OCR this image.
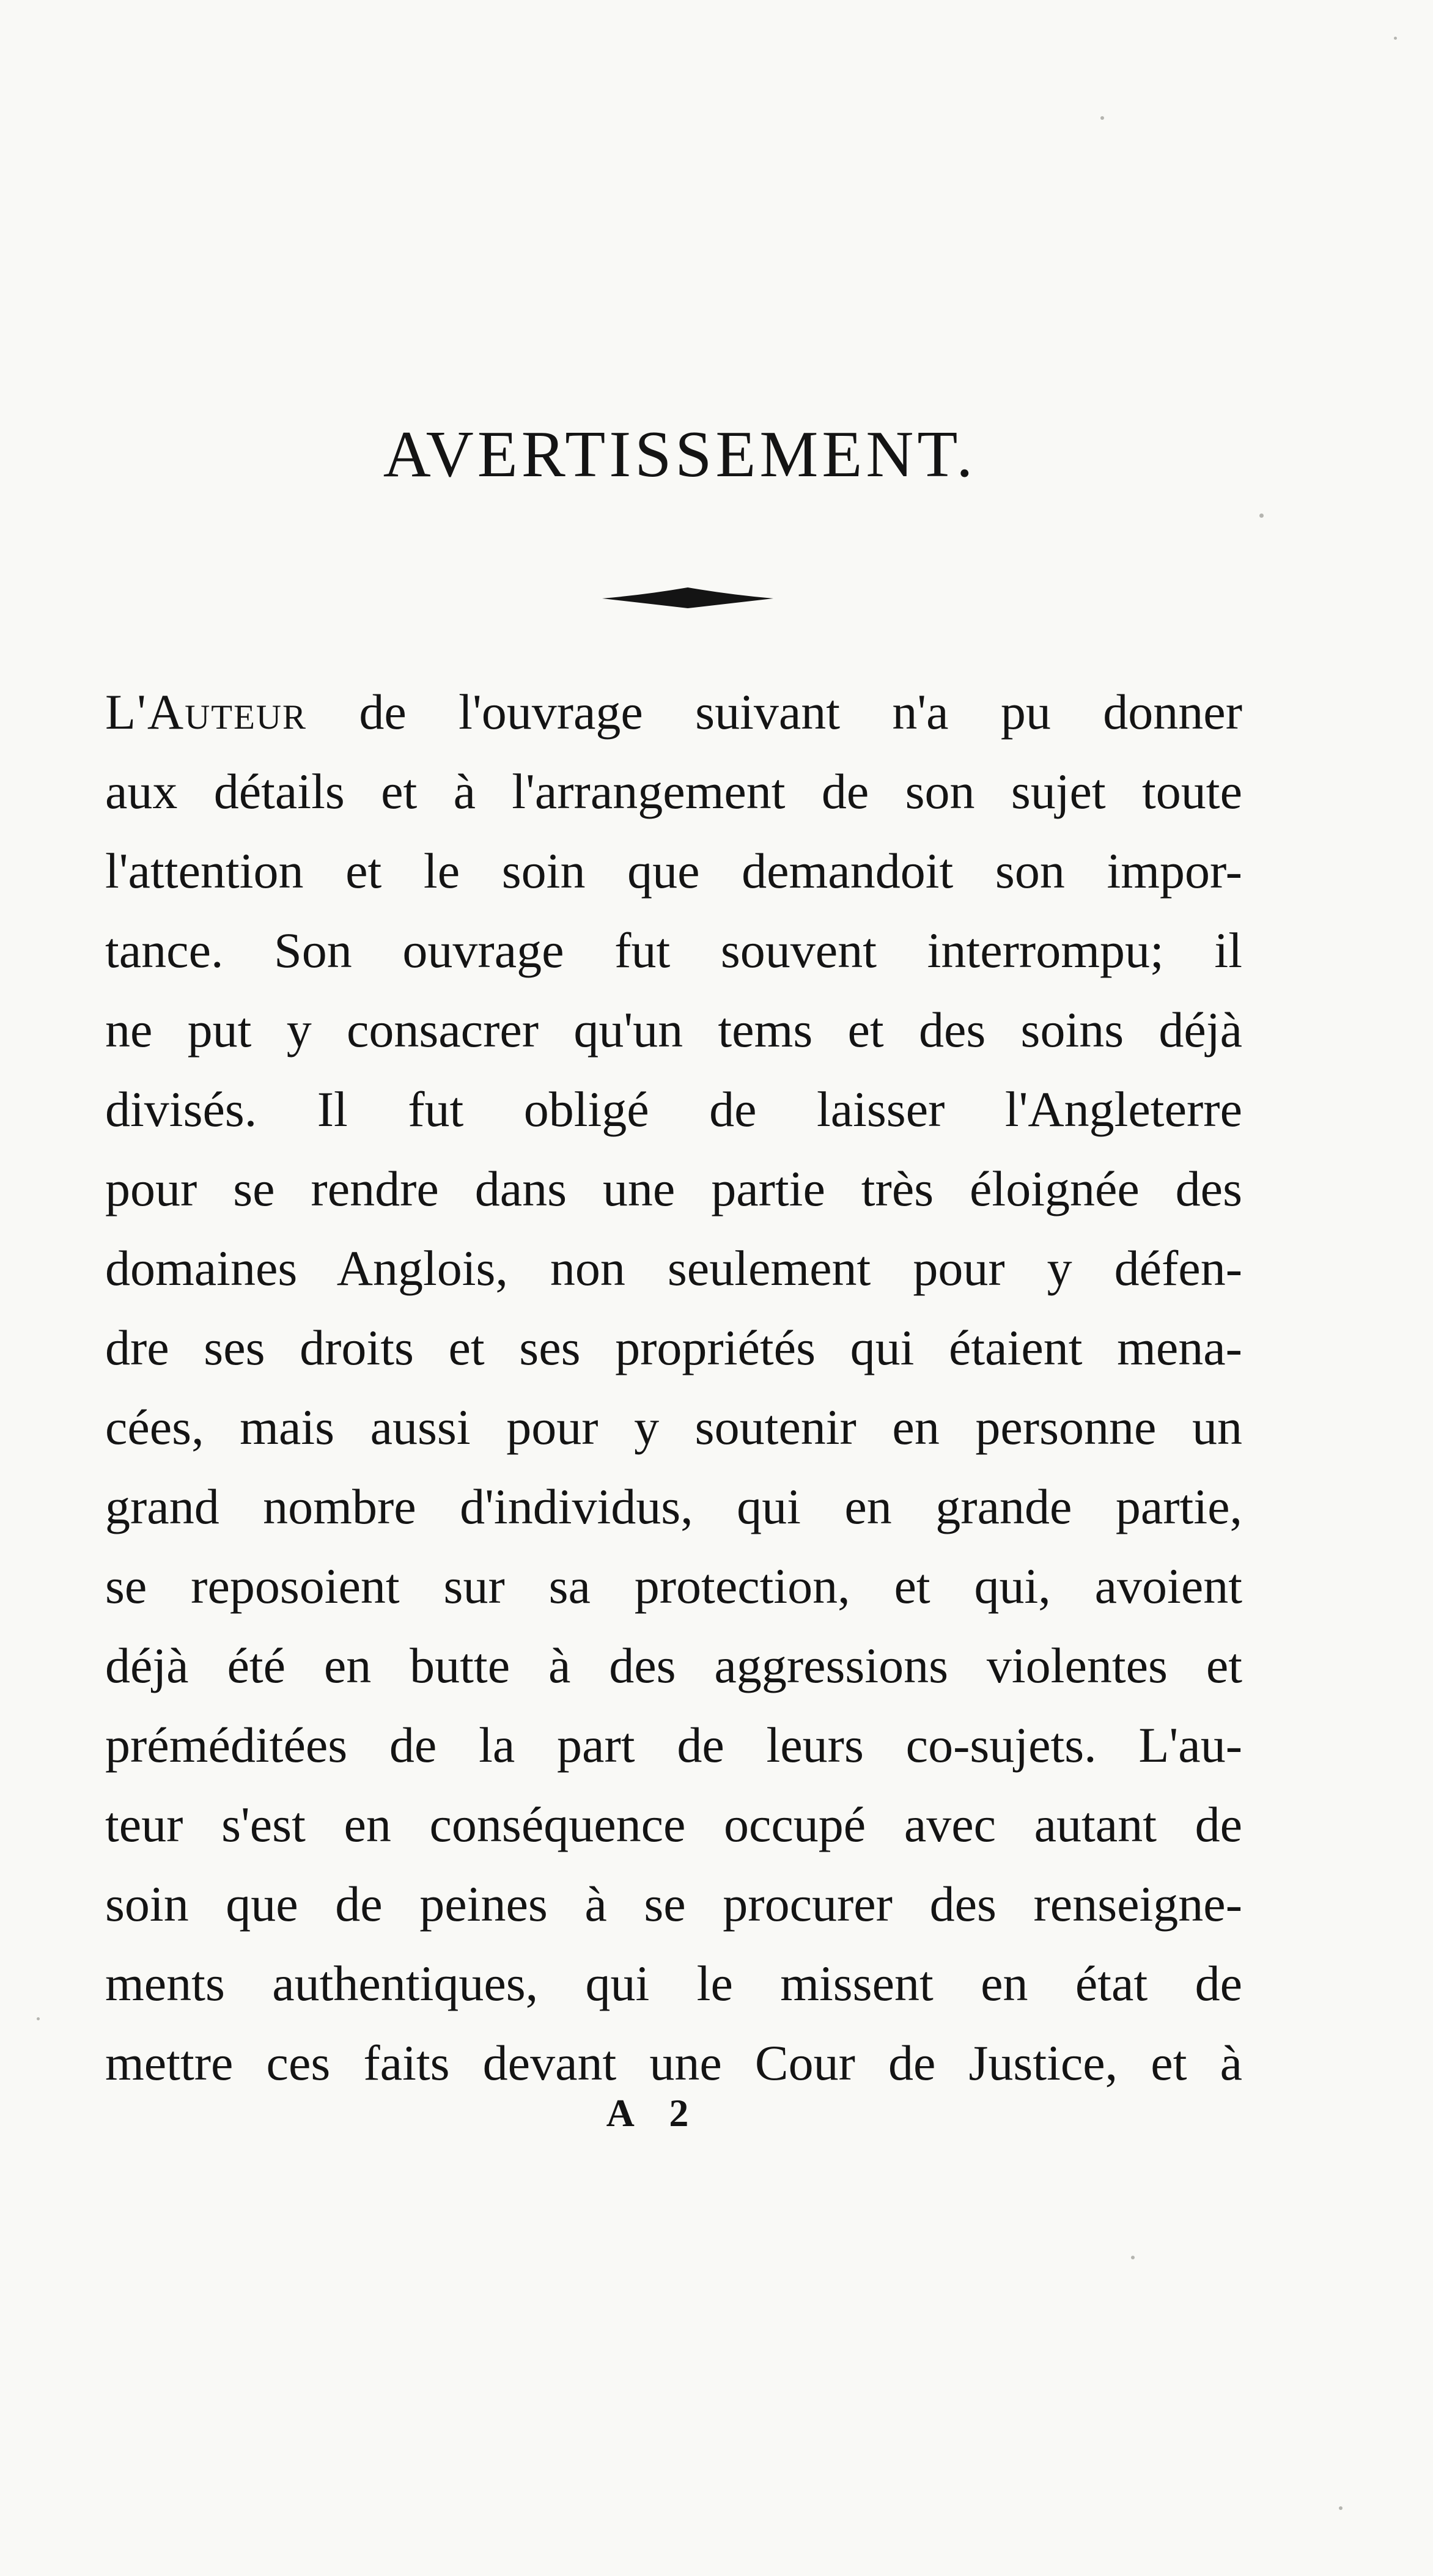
AVERTISSEMENT.
L'Auteur de l'ouvrage suivant n'a pu donner
aux détails et à l'arrangement de son sujet toute
l'attention et le soin que demandoit son impor-
tance. Son ouvrage fut souvent interrompu; il
ne put y consacrer qu'un tems et des soins déjà
divisés. Il fut obligé de laisser l'Angleterre
pour se rendre dans une partie très éloignée des
domaines Anglois, non seulement pour y défen-
dre ses droits et ses propriétés qui étaient mena-
cées, mais aussi pour y soutenir en personne un
grand nombre d'individus, qui en grande partie,
se reposoient sur sa protection, et qui, avoient
déjà été en butte à des aggressions violentes et
préméditées de la part de leurs co-sujets. L'au-
teur s'est en conséquence occupé avec autant de
soin que de peines à se procurer des renseigne-
ments authentiques, qui le missent en état de
mettre ces faits devant une Cour de Justice, et à
A 2
